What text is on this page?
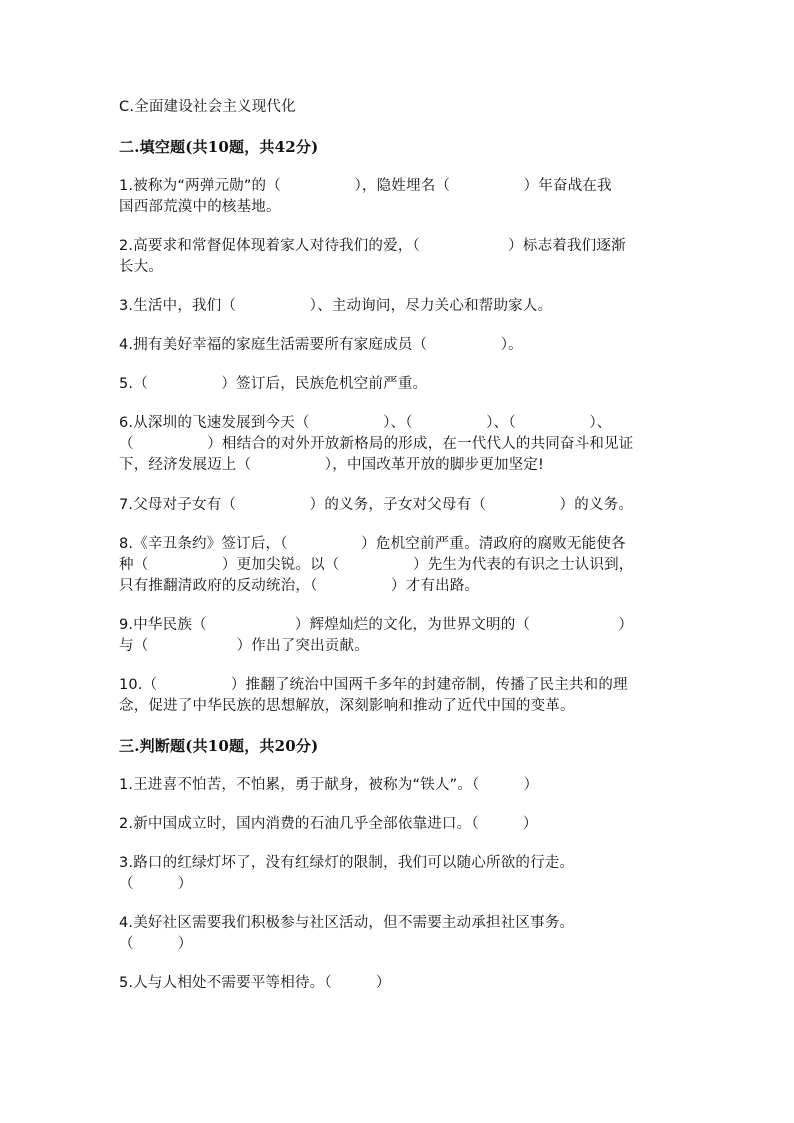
C.全面建设社会主义现代化
二.填空题(共10题，共42分)
1.被称为“两弹元勋”的（　　　　　），隐姓埋名（　　　　　）年奋战在我
国西部荒漠中的核基地。
2.高要求和常督促体现着家人对待我们的爱，（　　　　　　）标志着我们逐渐
长大。
3.生活中，我们（　　　　　）、主动询问，尽力关心和帮助家人。
4.拥有美好幸福的家庭生活需要所有家庭成员（　　　　　）。
5.（　　　　　）签订后，民族危机空前严重。
6.从深圳的飞速发展到今天（　　　　　）、（　　　　　）、（　　　　　）、
（　　　　　）相结合的对外开放新格局的形成，在一代代人的共同奋斗和见证
下，经济发展迈上（　　　　　），中国改革开放的脚步更加坚定!
7.父母对子女有（　　　　　）的义务，子女对父母有（　　　　　）的义务。
8.《辛丑条约》签订后，（　　　　　）危机空前严重。清政府的腐败无能使各
种（　　　　　）更加尖锐。以（　　　　　）先生为代表的有识之士认识到，
只有推翻清政府的反动统治，（　　　　　）才有出路。
9.中华民族（　　　　　　）辉煌灿烂的文化，为世界文明的（　　　　　　）
与（　　　　　　）作出了突出贡献。
10.（　　　　　）推翻了统治中国两千多年的封建帝制，传播了民主共和的理
念，促进了中华民族的思想解放，深刻影响和推动了近代中国的变革。
三.判断题(共10题，共20分)
1.王进喜不怕苦，不怕累，勇于献身，被称为“铁人”。（　　　）
2.新中国成立时，国内消费的石油几乎全部依靠进口。（　　　）
3.路口的红绿灯坏了，没有红绿灯的限制，我们可以随心所欲的行走。
（　　　）
4.美好社区需要我们积极参与社区活动，但不需要主动承担社区事务。
（　　　）
5.人与人相处不需要平等相待。（　　　）
